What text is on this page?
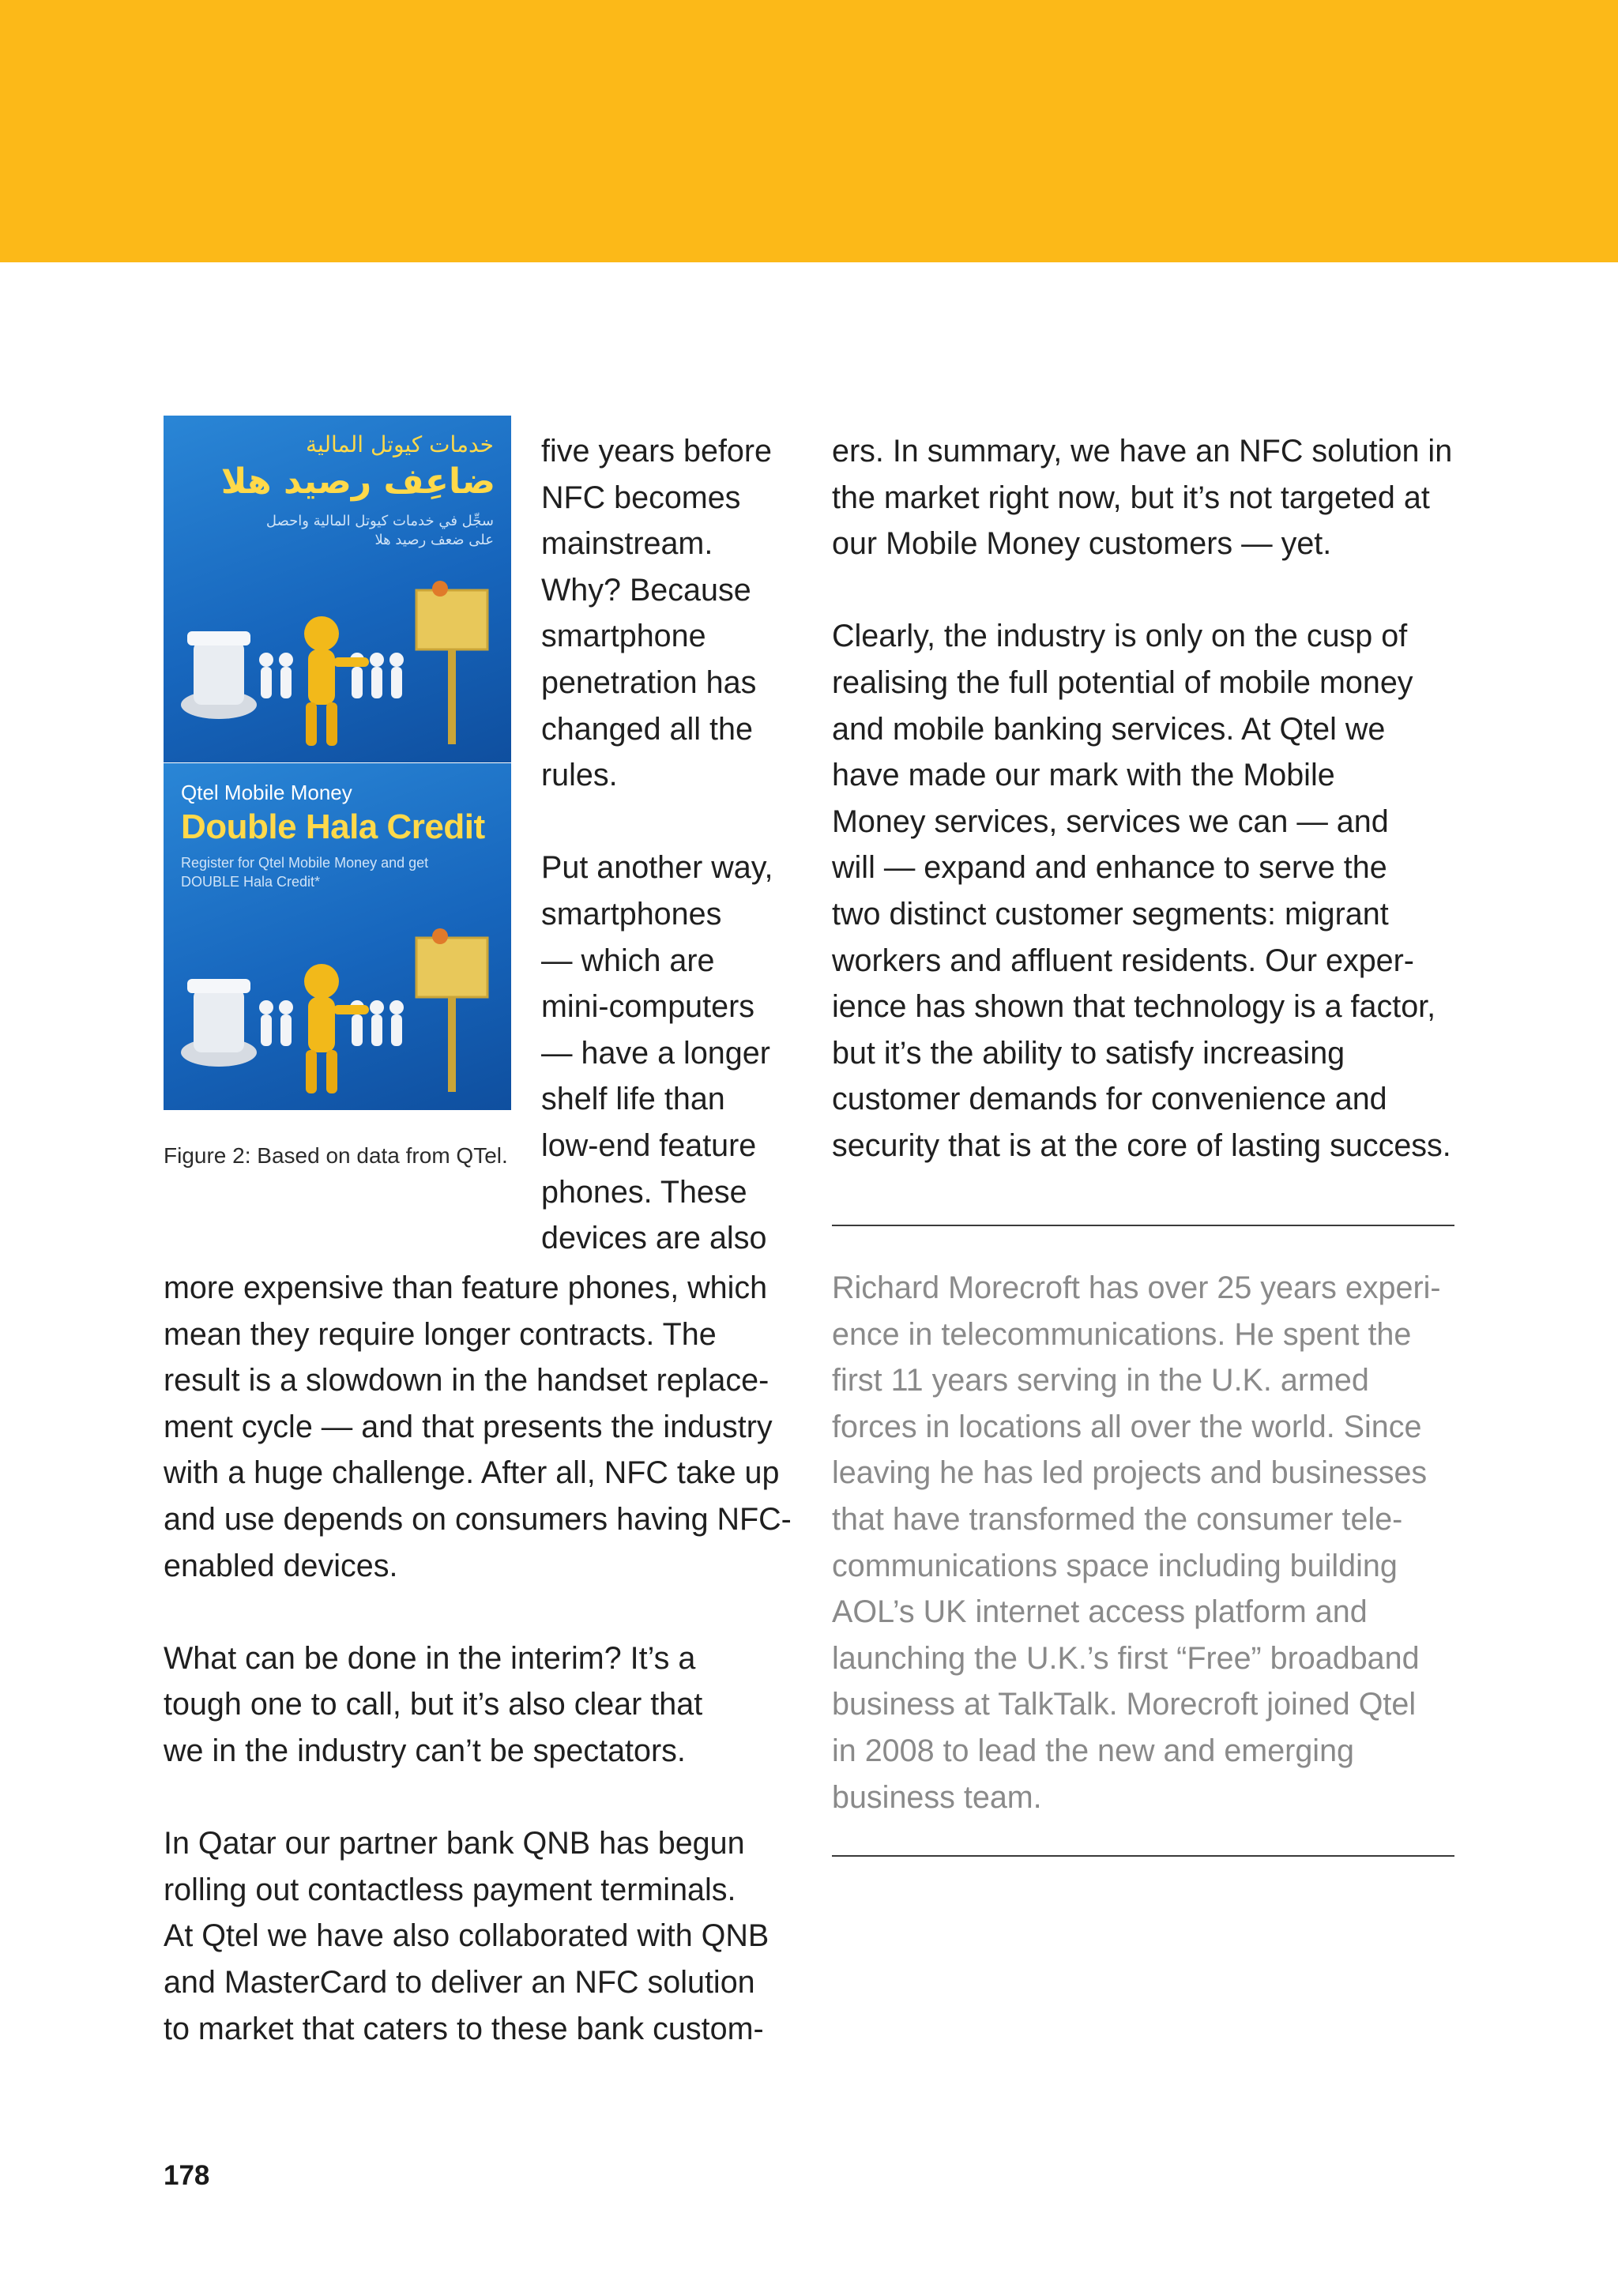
خدمات كيوتل المالية
ضاعِف رصيد هلا
سجِّل في خدمات كيوتل المالية واحصل على ضعف رصيد هلا
Qtel Mobile Money
Double Hala Credit
Register for Qtel Mobile Money and get DOUBLE Hala Credit*
Figure 2: Based on data from QTel.

five years before

NFC becomes

mainstream.

Why? Because

smartphone

penetration has

changed all the

rules.

Put another way,

smartphones

— which are

mini-computers

— have a longer

shelf life than

low-end feature

phones. These

devices are also

more expensive than feature phones, which

mean they require longer contracts. The

result is a slowdown in the handset replace-

ment cycle — and that presents the industry

with a huge challenge. After all, NFC take up

and use depends on consumers having NFC-

enabled devices.

What can be done in the interim? It’s a

tough one to call, but it’s also clear that

we in the industry can’t be spectators.

In Qatar our partner bank QNB has begun

rolling out contactless payment terminals.

At Qtel we have also collaborated with QNB

and MasterCard to deliver an NFC solution

to market that caters to these bank custom-

ers. In summary, we have an NFC solution in

the market right now, but it’s not targeted at

our Mobile Money customers — yet.

Clearly, the industry is only on the cusp of

realising the full potential of mobile money

and mobile banking services. At Qtel we

have made our mark with the Mobile

Money services, services we can — and

will — expand and enhance to serve the

two distinct customer segments: migrant

workers and affluent residents. Our exper-

ience has shown that technology is a factor,

but it’s the ability to satisfy increasing

customer demands for convenience and

security that is at the core of lasting success.

Richard Morecroft has over 25 years experi-

ence in telecommunications. He spent the

first 11 years serving in the U.K. armed

forces in locations all over the world. Since

leaving he has led projects and businesses

that have transformed the consumer tele-

communications space including building

AOL’s UK internet access platform and

launching the U.K.’s first “Free” broadband

business at TalkTalk. Morecroft joined Qtel

in 2008 to lead the new and emerging

business team.

178
